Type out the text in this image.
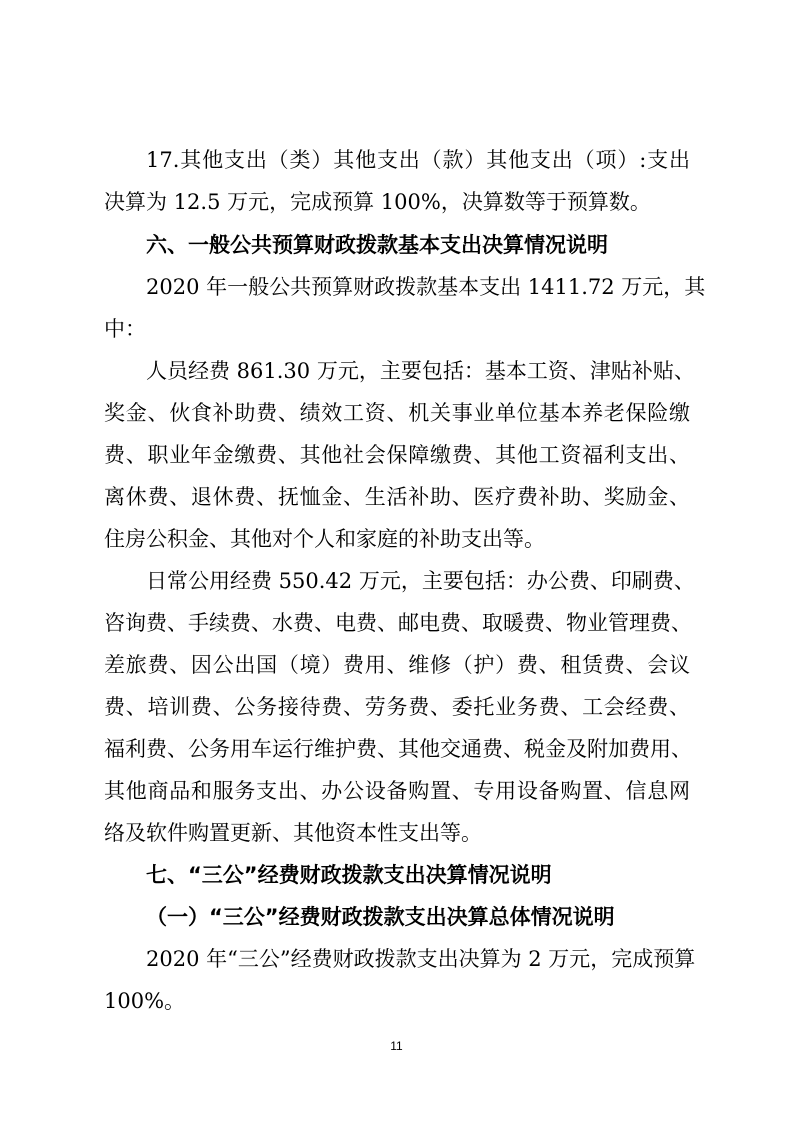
17.其他支出（类）其他支出（款）其他支出（项）:支出
决算为 12.5 万元，完成预算 100%，决算数等于预算数。
六、一般公共预算财政拨款基本支出决算情况说明
2020 年一般公共预算财政拨款基本支出 1411.72 万元，其
中：
人员经费 861.30 万元，主要包括：基本工资、津贴补贴、
奖金、伙食补助费、绩效工资、机关事业单位基本养老保险缴
费、职业年金缴费、其他社会保障缴费、其他工资福利支出、
离休费、退休费、抚恤金、生活补助、医疗费补助、奖励金、
住房公积金、其他对个人和家庭的补助支出等。
日常公用经费 550.42 万元，主要包括：办公费、印刷费、
咨询费、手续费、水费、电费、邮电费、取暖费、物业管理费、
差旅费、因公出国（境）费用、维修（护）费、租赁费、会议
费、培训费、公务接待费、劳务费、委托业务费、工会经费、
福利费、公务用车运行维护费、其他交通费、税金及附加费用、
其他商品和服务支出、办公设备购置、专用设备购置、信息网
络及软件购置更新、其他资本性支出等。
七、“三公”经费财政拨款支出决算情况说明
（一）“三公”经费财政拨款支出决算总体情况说明
2020 年“三公”经费财政拨款支出决算为 2 万元，完成预算
100%。
11
